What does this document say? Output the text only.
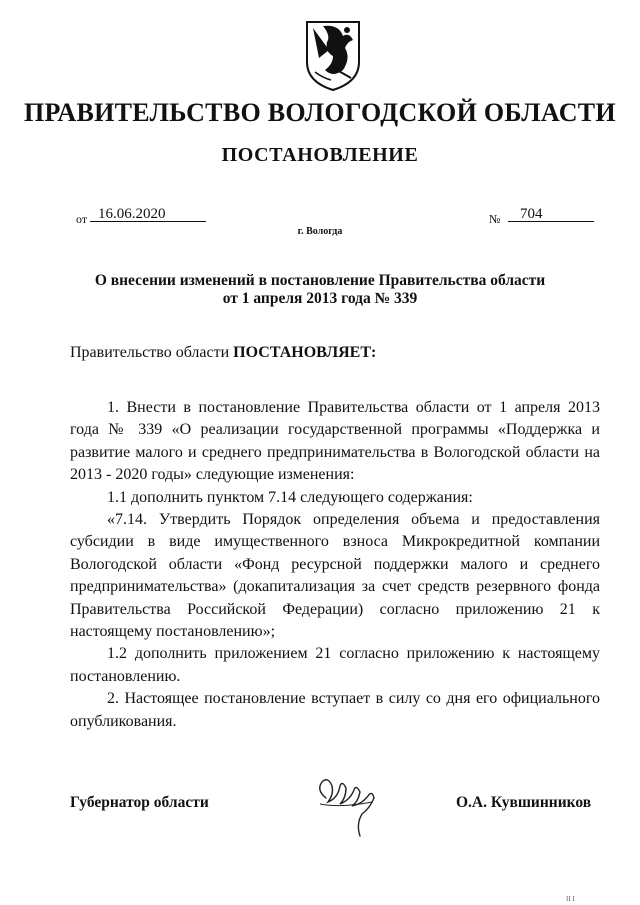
ПРАВИТЕЛЬСТВО ВОЛОГОДСКОЙ ОБЛАСТИ
ПОСТАНОВЛЕНИЕ
от 16.06.2020	№	704
г. Вологда
О внесении изменений в постановление Правительства области
от 1 апреля 2013 года № 339
Правительство области ПОСТАНОВЛЯЕТ:

1. Внести в постановление Правительства области от 1 апреля 2013 года № 339 «О реализации государственной программы «Поддержка и развитие малого и среднего предпринимательства в Вологодской области на 2013 - 2020 годы» следующие изменения:

1.1 дополнить пунктом 7.14 следующего содержания:

«7.14. Утвердить Порядок определения объема и предоставления субсидии в виде имущественного взноса Микрокредитной компании Вологодской области «Фонд ресурсной поддержки малого и среднего предпринимательства» (докапитализация за счет средств резервного фонда Правительства Российской Федерации) согласно приложению 21 к настоящему постановлению»;

1.2 дополнить приложением 21 согласно приложению к настоящему постановлению.

2. Настоящее постановление вступает в силу со дня его официального опубликования.

Губернатор области	О.А. Кувшинников
II I
